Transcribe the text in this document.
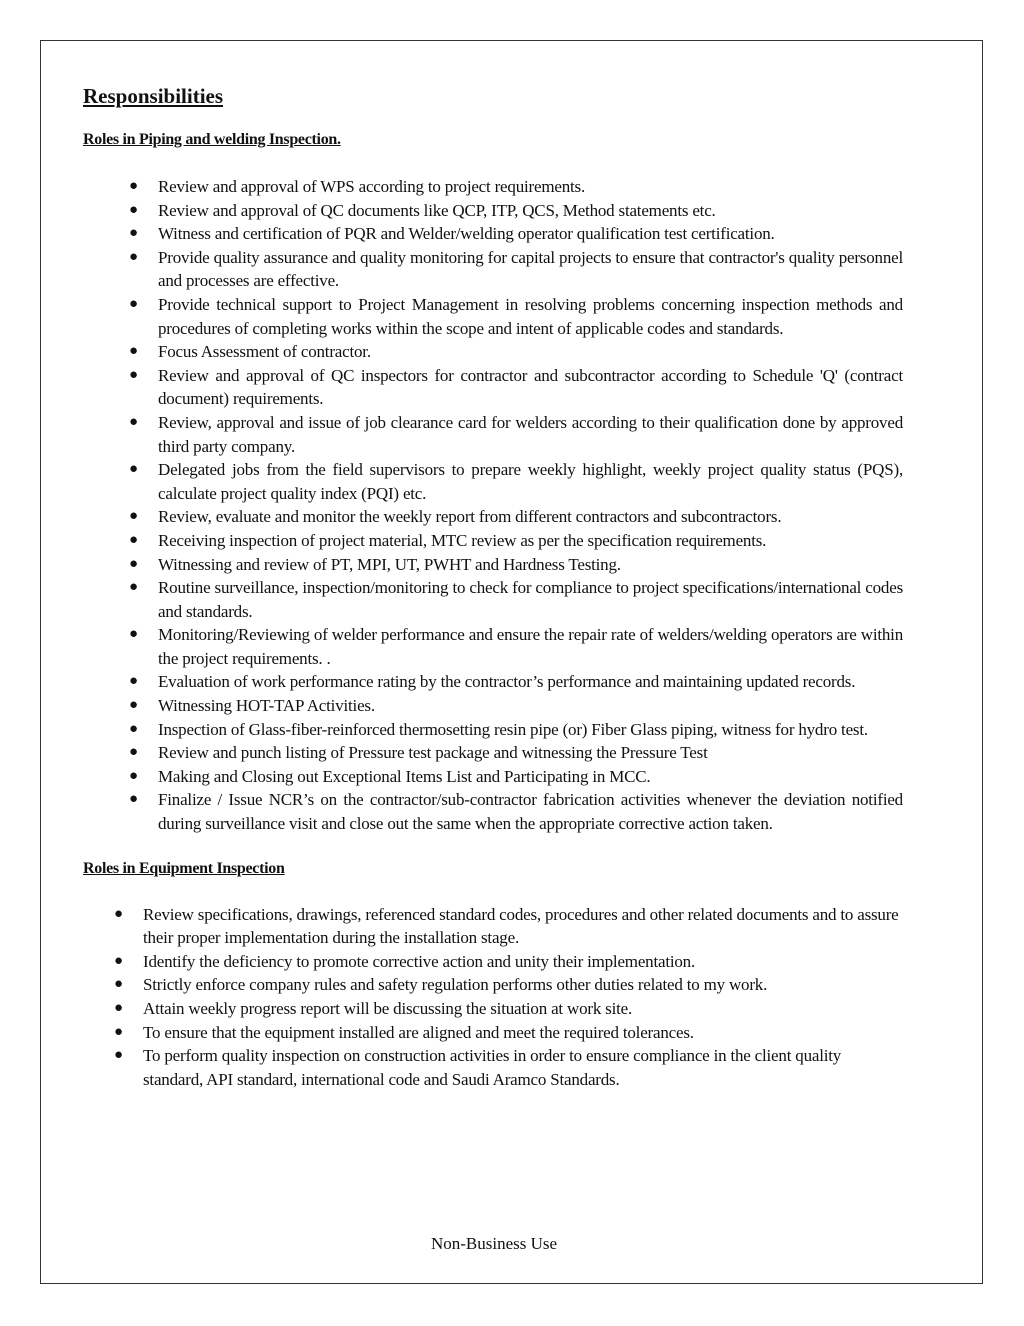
Responsibilities
Roles in Piping and welding Inspection.
● Review and approval of WPS according to project requirements.
● Review and approval of QC documents like QCP, ITP, QCS, Method statements etc.
● Witness and certification of PQR and Welder/welding operator qualification test certification.
● Provide quality assurance and quality monitoring for capital projects to ensure that contractor's quality personnel and processes are effective.
● Provide technical support to Project Management in resolving problems concerning inspection methods and procedures of completing works within the scope and intent of applicable codes and standards.
● Focus Assessment of contractor.
● Review and approval of QC inspectors for contractor and subcontractor according to Schedule 'Q' (contract document) requirements.
● Review, approval and issue of job clearance card for welders according to their qualification done by approved third party company.
● Delegated jobs from the field supervisors to prepare weekly highlight, weekly project quality status (PQS), calculate project quality index (PQI) etc.
● Review, evaluate and monitor the weekly report from different contractors and subcontractors.
● Receiving inspection of project material, MTC review as per the specification requirements.
● Witnessing and review of PT, MPI, UT, PWHT and Hardness Testing.
● Routine surveillance, inspection/monitoring to check for compliance to project specifications/international codes and standards.
● Monitoring/Reviewing of welder performance and ensure the repair rate of welders/welding operators are within the project requirements. .
● Evaluation of work performance rating by the contractor’s performance and maintaining updated records.
● Witnessing HOT-TAP Activities.
● Inspection of Glass-fiber-reinforced thermosetting resin pipe (or) Fiber Glass piping, witness for hydro test.
● Review and punch listing of Pressure test package and witnessing the Pressure Test
● Making and Closing out Exceptional Items List and Participating in MCC.
● Finalize / Issue NCR’s on the contractor/sub-contractor fabrication activities whenever the deviation notified during surveillance visit and close out the same when the appropriate corrective action taken.
Roles in Equipment Inspection
● Review specifications, drawings, referenced standard codes, procedures and other related documents and to assure their proper implementation during the installation stage.
● Identify the deficiency to promote corrective action and unity their implementation.
● Strictly enforce company rules and safety regulation performs other duties related to my work.
● Attain weekly progress report will be discussing the situation at work site.
● To ensure that the equipment installed are aligned and meet the required tolerances.
● To perform quality inspection on construction activities in order to ensure compliance in the client quality standard, API standard, international code and Saudi Aramco Standards.
Non-Business Use
